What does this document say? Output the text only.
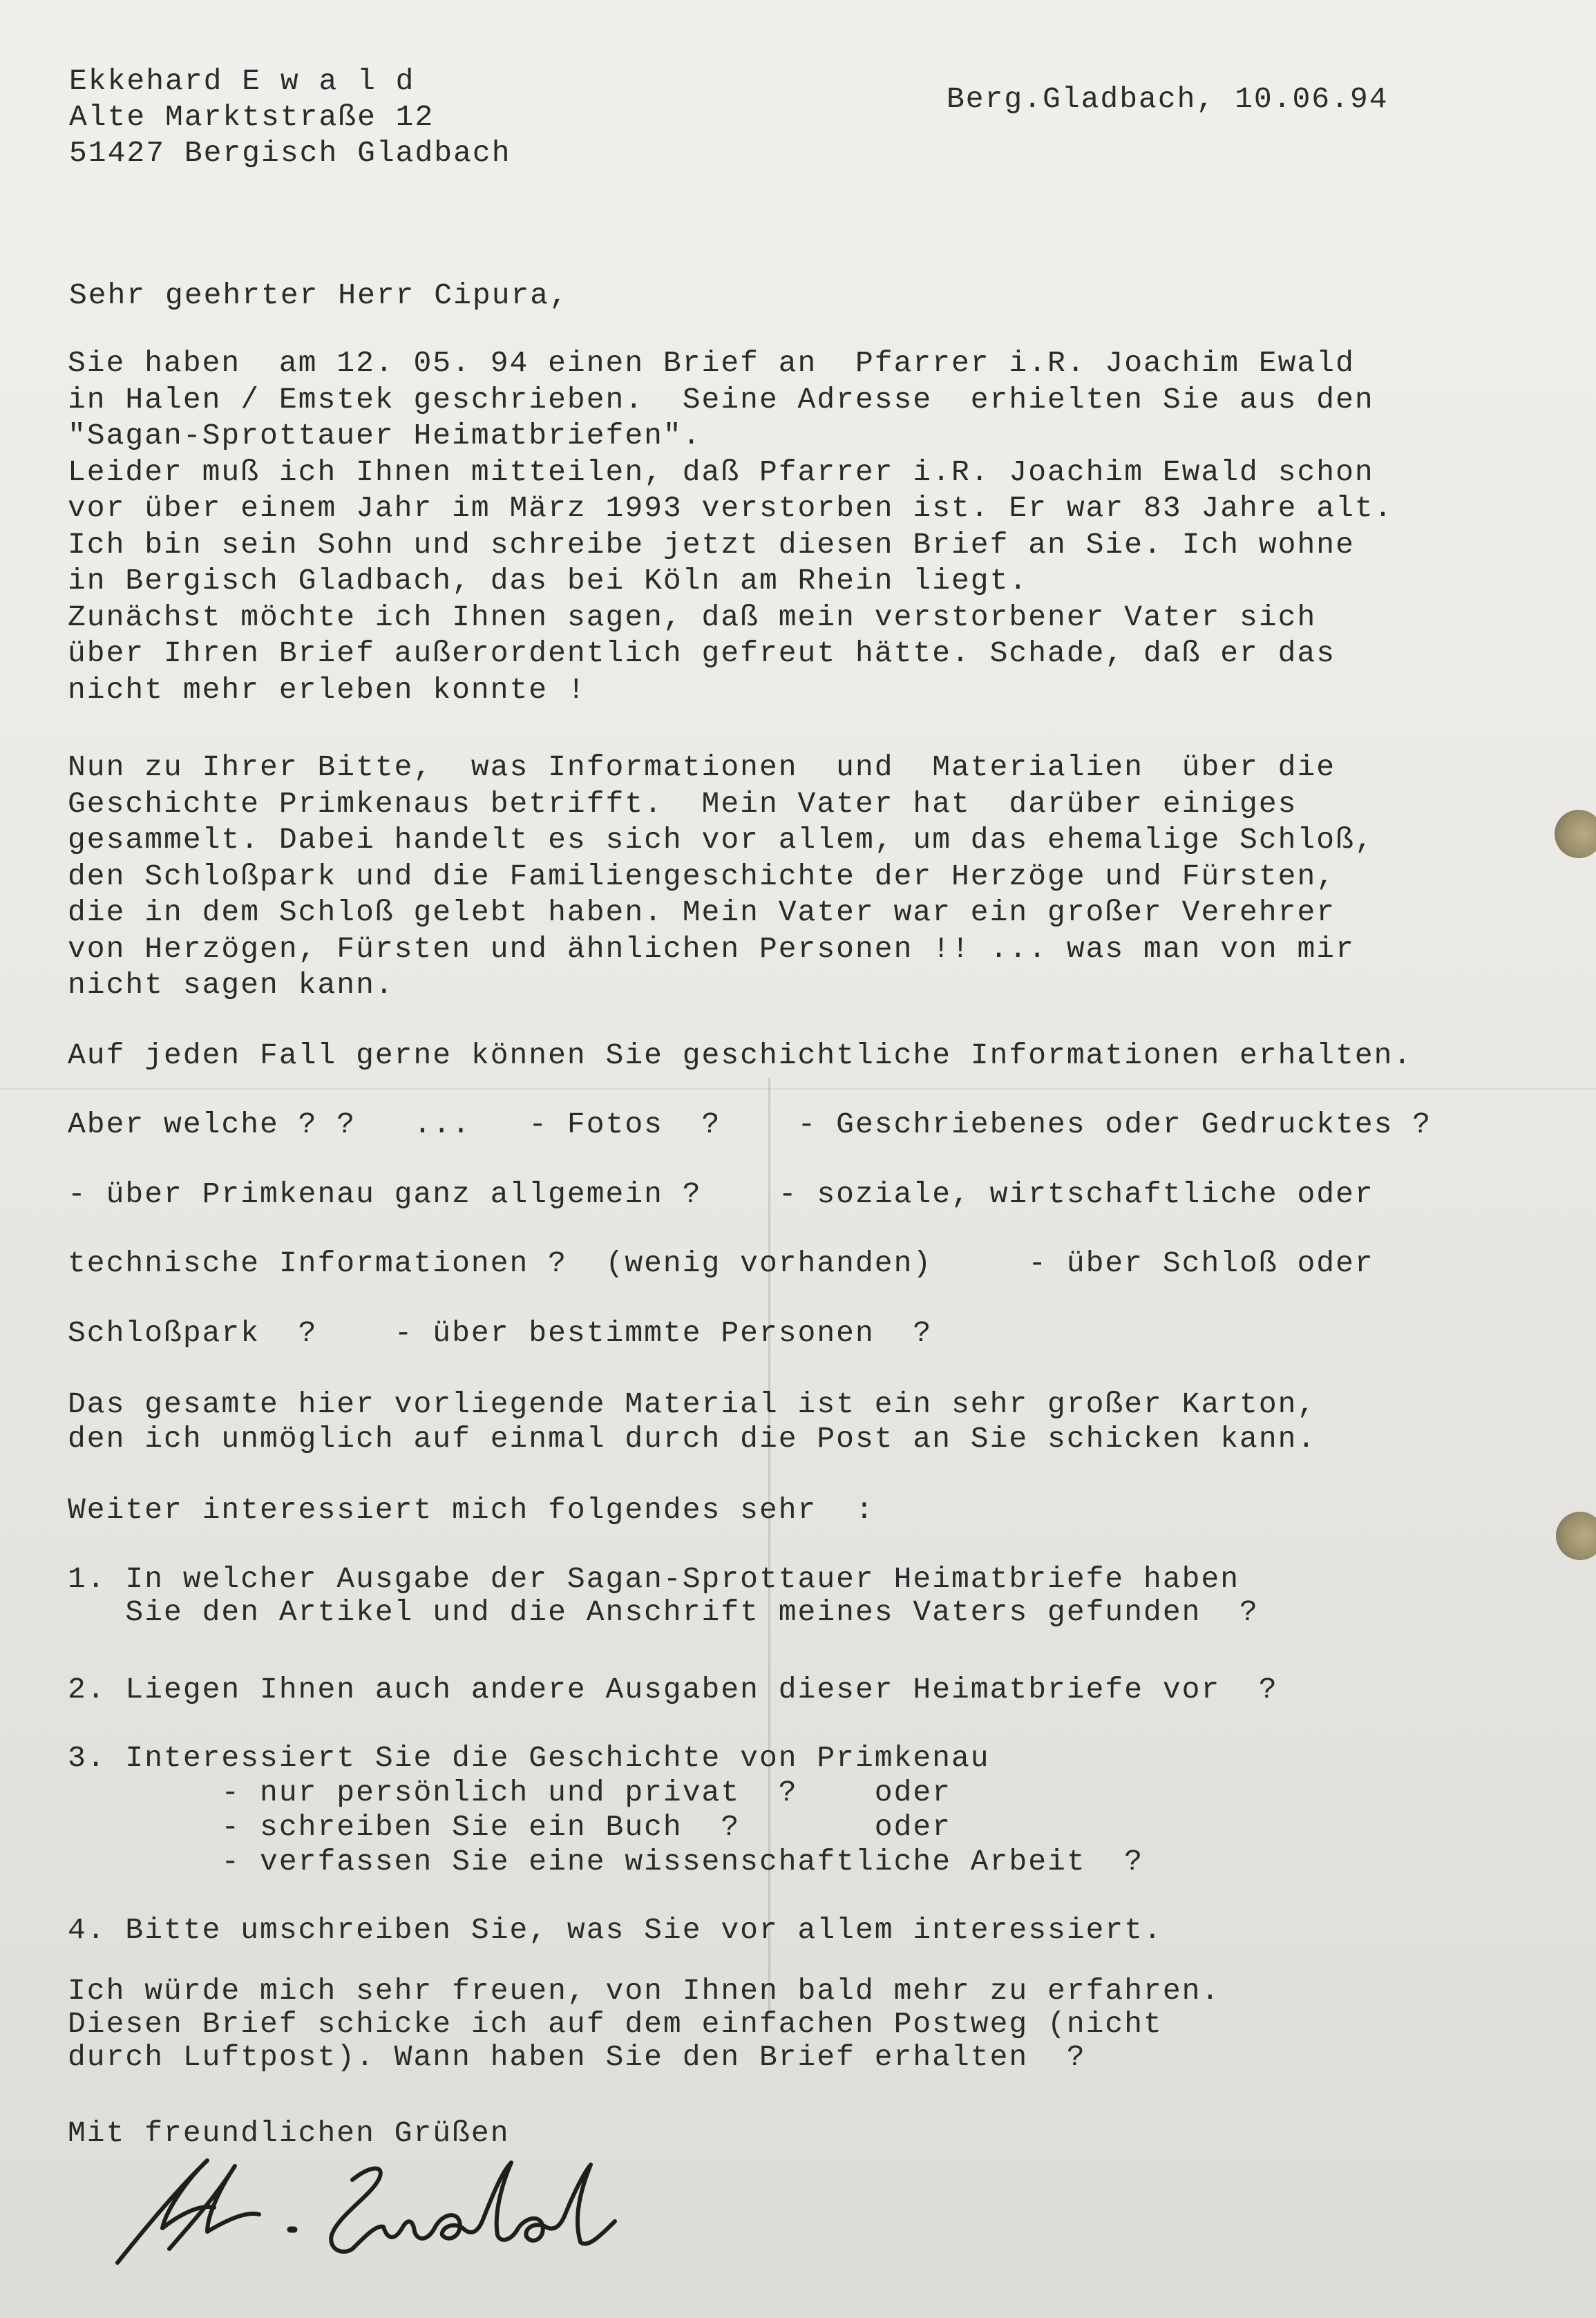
Ekkehard E w a l d
Alte Marktstraße 12
51427 Bergisch Gladbach
Berg.Gladbach, 10.06.94
Sehr geehrter Herr Cipura,
Sie haben  am 12. 05. 94 einen Brief an  Pfarrer i.R. Joachim Ewald
in Halen / Emstek geschrieben.  Seine Adresse  erhielten Sie aus den
"Sagan-Sprottauer Heimatbriefen".
Leider muß ich Ihnen mitteilen, daß Pfarrer i.R. Joachim Ewald schon
vor über einem Jahr im März 1993 verstorben ist. Er war 83 Jahre alt.
Ich bin sein Sohn und schreibe jetzt diesen Brief an Sie. Ich wohne
in Bergisch Gladbach, das bei Köln am Rhein liegt.
Zunächst möchte ich Ihnen sagen, daß mein verstorbener Vater sich
über Ihren Brief außerordentlich gefreut hätte. Schade, daß er das
nicht mehr erleben konnte !
Nun zu Ihrer Bitte,  was Informationen  und  Materialien  über die
Geschichte Primkenaus betrifft.  Mein Vater hat  darüber einiges
gesammelt. Dabei handelt es sich vor allem, um das ehemalige Schloß,
den Schloßpark und die Familiengeschichte der Herzöge und Fürsten,
die in dem Schloß gelebt haben. Mein Vater war ein großer Verehrer
von Herzögen, Fürsten und ähnlichen Personen !! ... was man von mir
nicht sagen kann.
Auf jeden Fall gerne können Sie geschichtliche Informationen erhalten.
Aber welche ? ?   ...   - Fotos  ?    - Geschriebenes oder Gedrucktes ?
- über Primkenau ganz allgemein ?    - soziale, wirtschaftliche oder
technische Informationen ?  (wenig vorhanden)     - über Schloß oder
Schloßpark  ?    - über bestimmte Personen  ?
Das gesamte hier vorliegende Material ist ein sehr großer Karton,
den ich unmöglich auf einmal durch die Post an Sie schicken kann.
Weiter interessiert mich folgendes sehr  :
1. In welcher Ausgabe der Sagan-Sprottauer Heimatbriefe haben
Sie den Artikel und die Anschrift meines Vaters gefunden  ?
2. Liegen Ihnen auch andere Ausgaben dieser Heimatbriefe vor  ?
3. Interessiert Sie die Geschichte von Primkenau
- nur persönlich und privat  ?    oder
- schreiben Sie ein Buch  ?       oder
- verfassen Sie eine wissenschaftliche Arbeit  ?
4. Bitte umschreiben Sie, was Sie vor allem interessiert.
Ich würde mich sehr freuen, von Ihnen bald mehr zu erfahren.
Diesen Brief schicke ich auf dem einfachen Postweg (nicht
durch Luftpost). Wann haben Sie den Brief erhalten  ?
Mit freundlichen Grüßen
